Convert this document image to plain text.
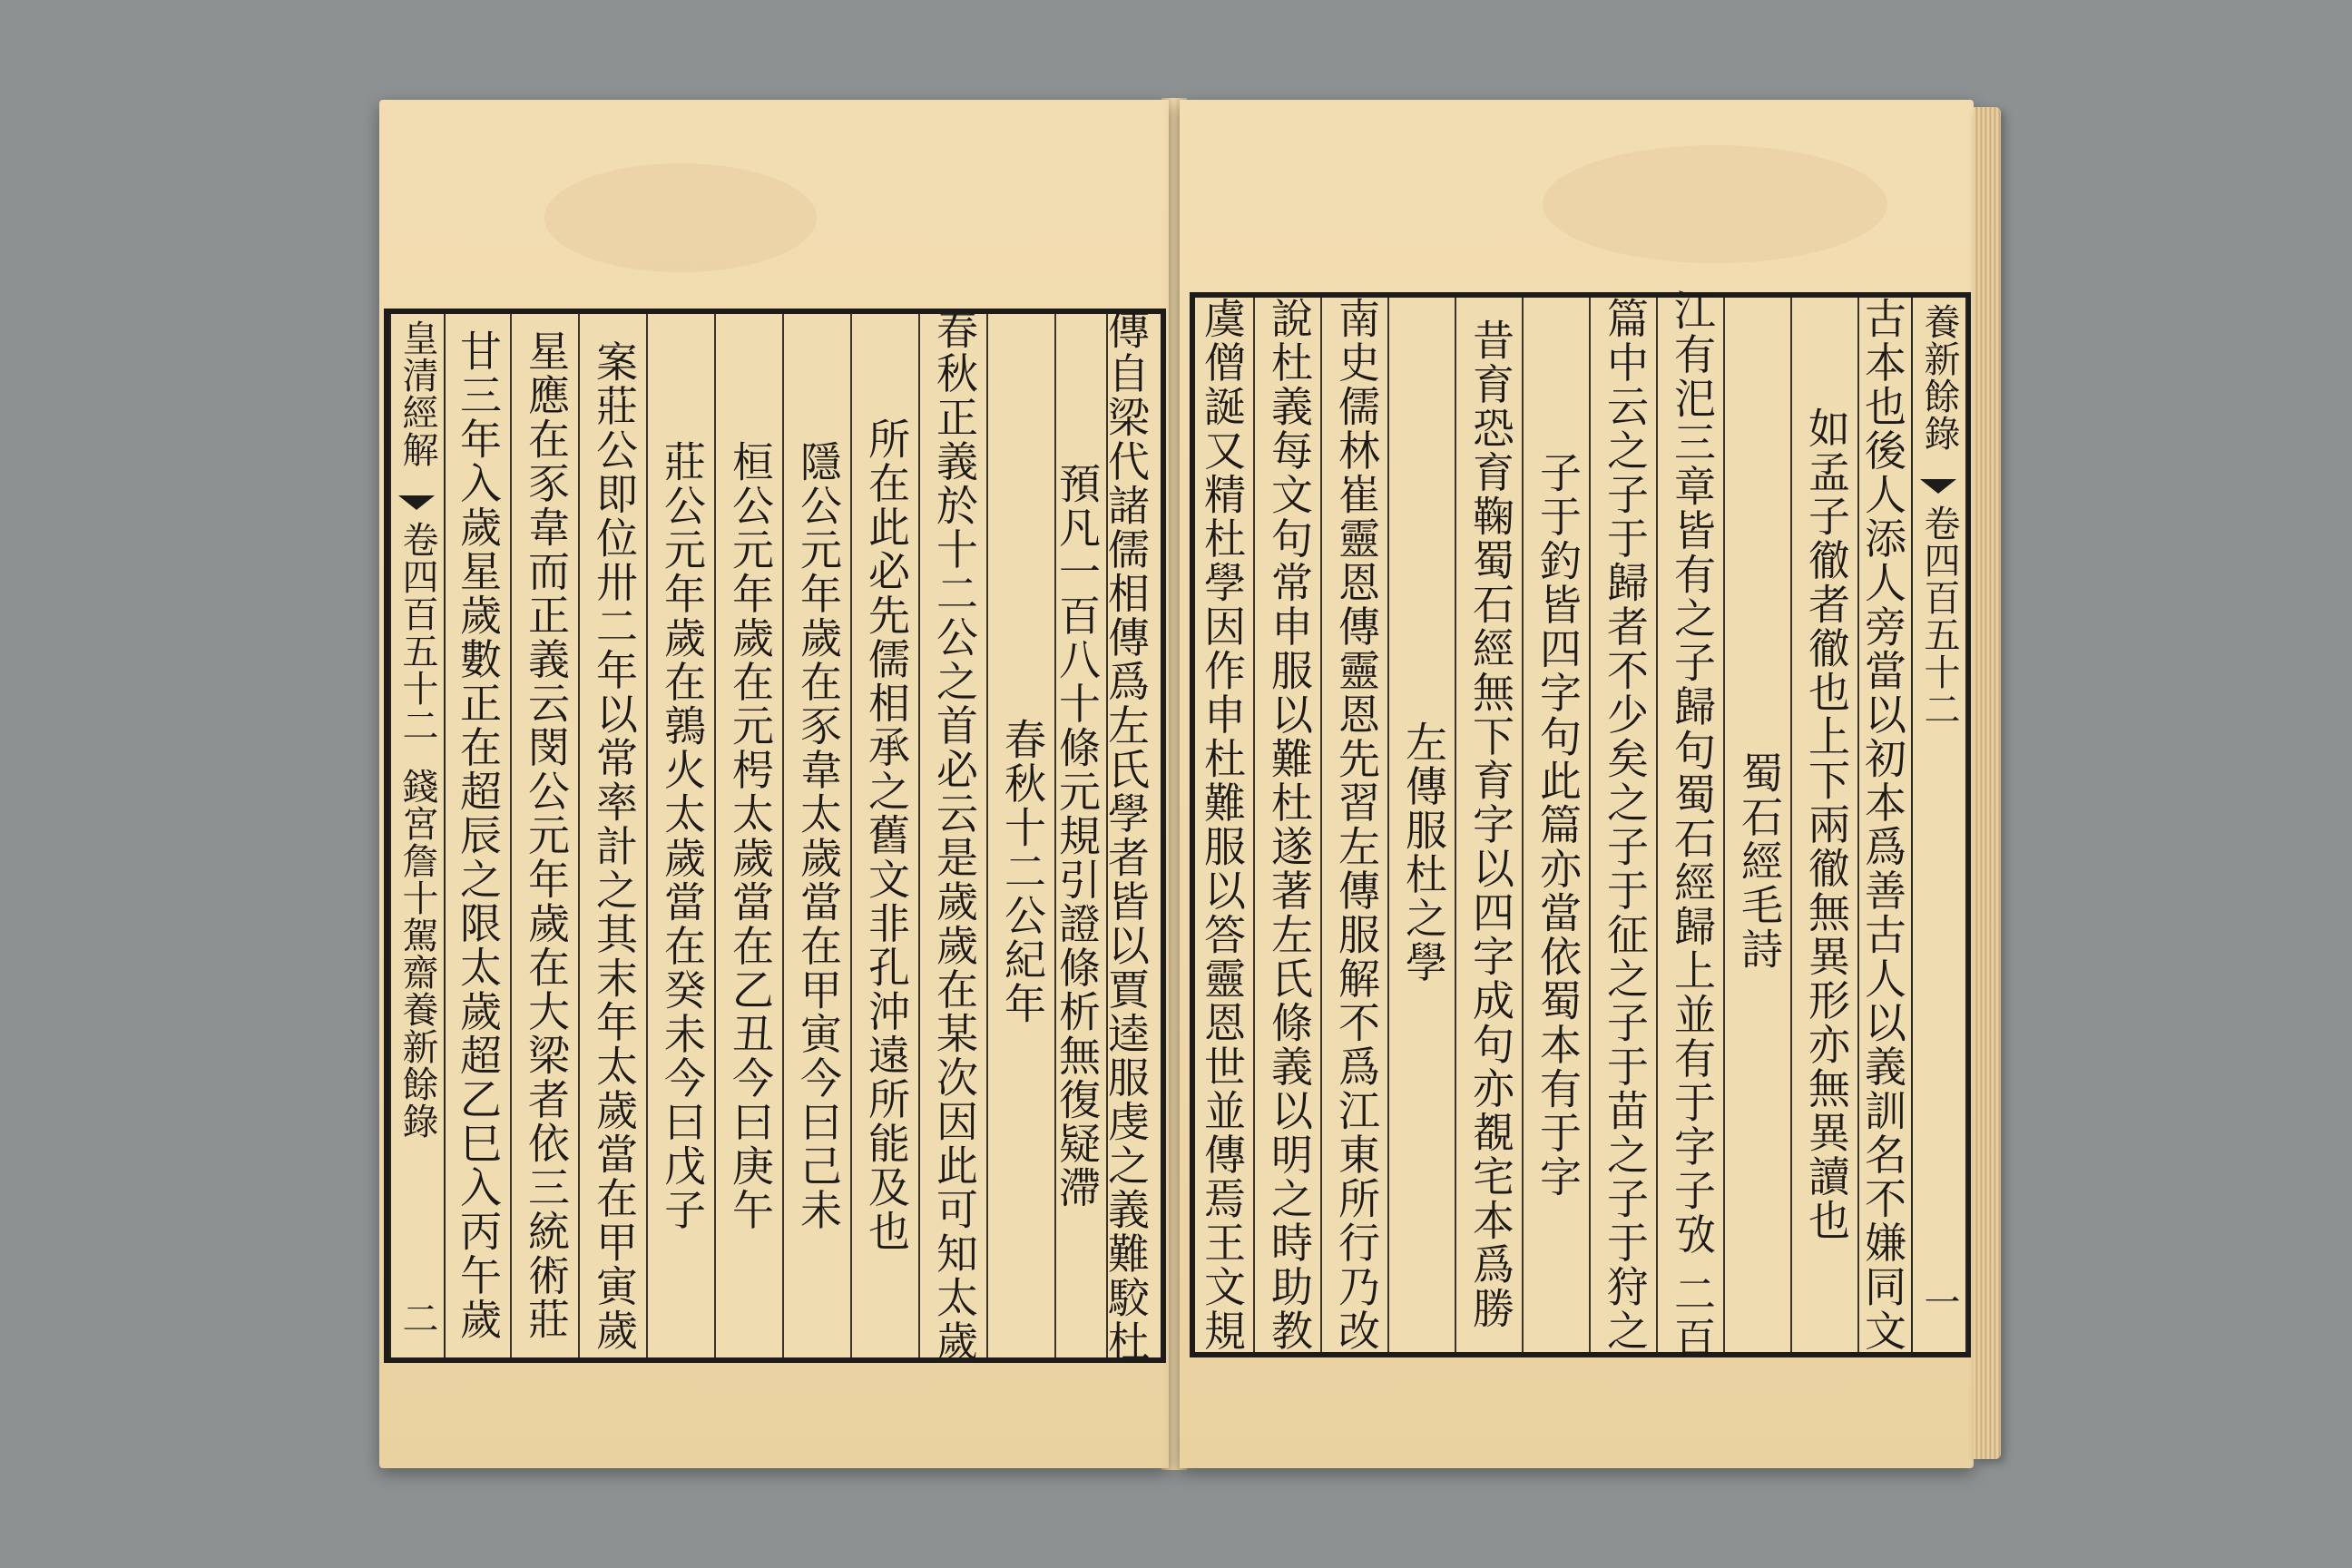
皇清經解
卷四百五十二
錢宮詹十駕齋養新餘錄
二 甘三年入歲星歲數正在超辰之限太歲超乙巳入丙午歲 星應在豕韋而正義云閔公元年歲在大梁者依三統術莊 案莊公即位卅二年以常率計之其末年太歲當在甲寅歲 莊公元年歲在鶉火太歲當在癸未今曰戊子 桓公元年歲在元枵太歲當在乙丑今曰庚午 隱公元年歲在豕韋太歲當在甲寅今曰己未 所在此必先儒相承之舊文非孔沖遠所能及也 春秋正義於十二公之首必云是歲歲在某次因此可知太歲 春秋十二公紀年 預凡一百八十條元規引證條析無復疑滯 傳自梁代諸儒相傳爲左氏學者皆以賈逵服虔之義難駮杜 虞僧誕又精杜學因作申杜難服以答靈恩世並傳焉王文規 說杜義每文句常申服以難杜遂著左氏條義以明之時助教 南史儒林崔靈恩傳靈恩先習左傳服解不爲江東所行乃改 左傳服杜之學 昔育恐育鞠蜀石經無下育字以四字成句亦覩宅本爲勝 子于釣皆四字句此篇亦當依蜀本有于字 篇中云之子于歸者不少矣之子于征之子于苗之子于狩之 江有汜三章皆有之子歸句蜀石經歸上並有于字子攷 二百 蜀石經毛詩 如孟子徹者徹也上下兩徹無異形亦無異讀也 古本也後人添人旁當以初本爲善古人以義訓名不嫌同文 養新餘錄
卷四百五十二
一
